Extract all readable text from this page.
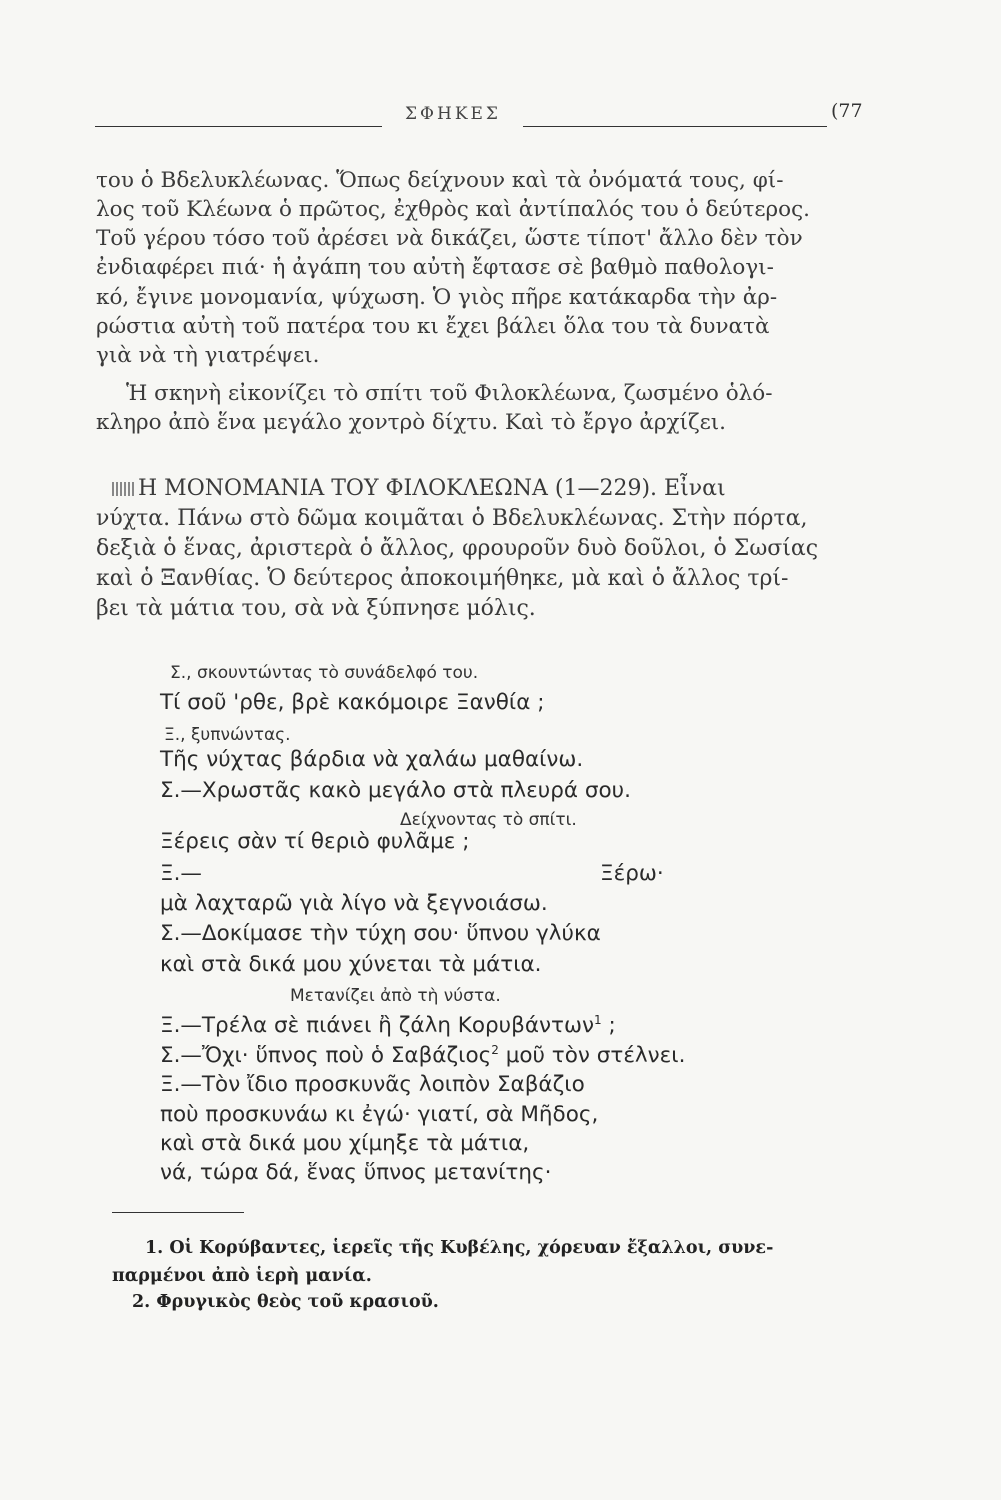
ΣΦΗΚΕΣ	(77
του ὁ Βδελυκλέωνας. Ὅπως δείχνουν καὶ τὰ ὀνόματά τους, φί-
λος τοῦ Κλέωνα ὁ πρῶτος, ἐχθρὸς καὶ ἀντίπαλός του ὁ δεύτερος.
Τοῦ γέρου τόσο τοῦ ἀρέσει νὰ δικάζει, ὥστε τίποτ' ἄλλο δὲν τὸν
ἐνδιαφέρει πιά· ἡ ἀγάπη του αὐτὴ ἔφτασε σὲ βαθμὸ παθολογι-
κό, ἔγινε μονομανία, ψύχωση. Ὁ γιὸς πῆρε κατάκαρδα τὴν ἀρ-
ρώστια αὐτὴ τοῦ πατέρα του κι ἔχει βάλει ὅλα του τὰ δυνατὰ
γιὰ νὰ τὴ γιατρέψει.
Ἡ σκηνὴ εἰκονίζει τὸ σπίτι τοῦ Φιλοκλέωνα, ζωσμένο ὁλό-
κληρο ἀπὸ ἕνα μεγάλο χοντρὸ δίχτυ. Καὶ τὸ ἔργο ἀρχίζει.
Η ΜΟΝΟΜΑΝΙΑ ΤΟΥ ΦΙΛΟΚΛΕΩΝΑ (1—229). Εἶναι
νύχτα. Πάνω στὸ δῶμα κοιμᾶται ὁ Βδελυκλέωνας. Στὴν πόρτα,
δεξιὰ ὁ ἕνας, ἀριστερὰ ὁ ἄλλος, φρουροῦν δυὸ δοῦλοι, ὁ Σωσίας
καὶ ὁ Ξανθίας. Ὁ δεύτερος ἀποκοιμήθηκε, μὰ καὶ ὁ ἄλλος τρί-
βει τὰ μάτια του, σὰ νὰ ξύπνησε μόλις.
Σ., σκουντώντας τὸ συνάδελφό του.
Τί σοῦ 'ρθε, βρὲ κακόμοιρε Ξανθία ;
Ξ., ξυπνώντας.
Τῆς νύχτας βάρδια νὰ χαλάω μαθαίνω.
Σ.—Χρωστᾶς κακὸ μεγάλο στὰ πλευρά σου.
Δείχνοντας τὸ σπίτι.
Ξέρεις σὰν τί θεριὸ φυλᾶμε ;
Ξ.—	Ξέρω·
μὰ λαχταρῶ γιὰ λίγο νὰ ξεγνοιάσω.
Σ.—Δοκίμασε τὴν τύχη σου· ὕπνου γλύκα
καὶ στὰ δικά μου χύνεται τὰ μάτια.
Μετανίζει ἀπὸ τὴ νύστα.
Ξ.—Τρέλα σὲ πιάνει ἢ ζάλη Κορυβάντων$^1$ ;
Σ.—Ὄχι· ὕπνος ποὺ ὁ Σαβάζιος$^2$ μοῦ τὸν στέλνει.
Ξ.—Τὸν ἴδιο προσκυνᾶς λοιπὸν Σαβάζιο
ποὺ προσκυνάω κι ἐγώ· γιατί, σὰ Μῆδος,
καὶ στὰ δικά μου χίμηξε τὰ μάτια,
νά, τώρα δά, ἕνας ὕπνος μετανίτης·
1. Οἱ Κορύβαντες, ἱερεῖς τῆς Κυβέλης, χόρευαν ἔξαλλοι, συνε-
παρμένοι ἀπὸ ἱερὴ μανία.
2. Φρυγικὸς θεὸς τοῦ κρασιοῦ.
